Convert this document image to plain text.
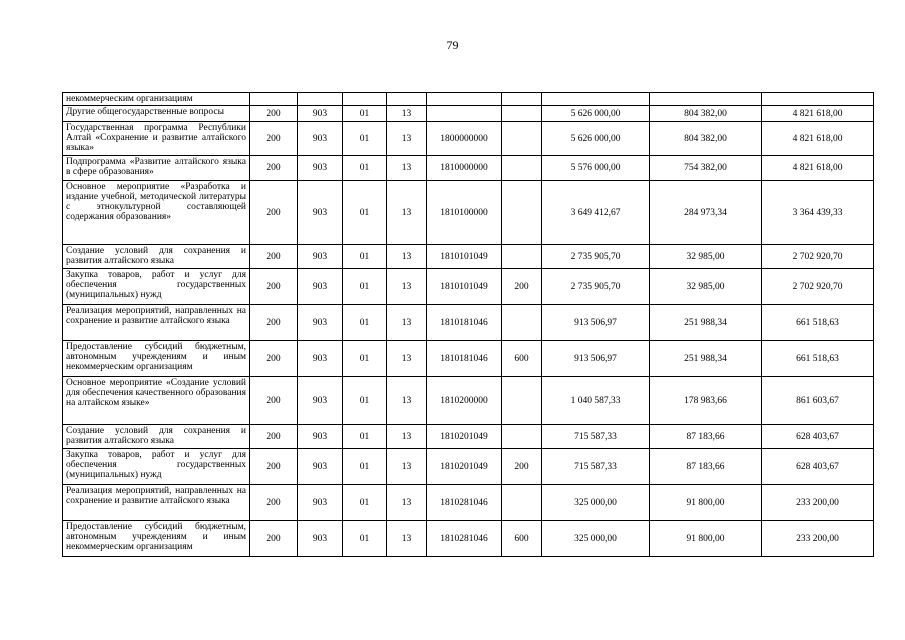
79
некоммерческим организациям									
Другие общегосударственные вопросы	200	903	01	13			5 626 000,00	804 382,00	4 821 618,00
Государственная программа Республики Алтай «Сохранение и развитие алтайского языка»	200	903	01	13	1800000000		5 626 000,00	804 382,00	4 821 618,00
Подпрограмма «Развитие алтайского языка в сфере образования»	200	903	01	13	1810000000		5 576 000,00	754 382,00	4 821 618,00
Основное мероприятие «Разработка и издание учебной, методической литературы с этнокультурной составляющей содержания образования»	200	903	01	13	1810100000		3 649 412,67	284 973,34	3 364 439,33
Создание условий для сохранения и развития алтайского языка	200	903	01	13	1810101049		2 735 905,70	32 985,00	2 702 920,70
Закупка товаров, работ и услуг для обеспечения государственных (муниципальных) нужд	200	903	01	13	1810101049	200	2 735 905,70	32 985,00	2 702 920,70
Реализация мероприятий, направленных на сохранение и развитие алтайского языка	200	903	01	13	1810181046		913 506,97	251 988,34	661 518,63
Предоставление субсидий бюджетным, автономным учреждениям и иным некоммерческим организациям	200	903	01	13	1810181046	600	913 506,97	251 988,34	661 518,63
Основное мероприятие «Создание условий для обеспечения качественного образования на алтайском языке»	200	903	01	13	1810200000		1 040 587,33	178 983,66	861 603,67
Создание условий для сохранения и развития алтайского языка	200	903	01	13	1810201049		715 587,33	87 183,66	628 403,67
Закупка товаров, работ и услуг для обеспечения государственных (муниципальных) нужд	200	903	01	13	1810201049	200	715 587,33	87 183,66	628 403,67
Реализация мероприятий, направленных на сохранение и развитие алтайского языка	200	903	01	13	1810281046		325 000,00	91 800,00	233 200,00
Предоставление субсидий бюджетным, автономным учреждениям и иным некоммерческим организациям	200	903	01	13	1810281046	600	325 000,00	91 800,00	233 200,00
